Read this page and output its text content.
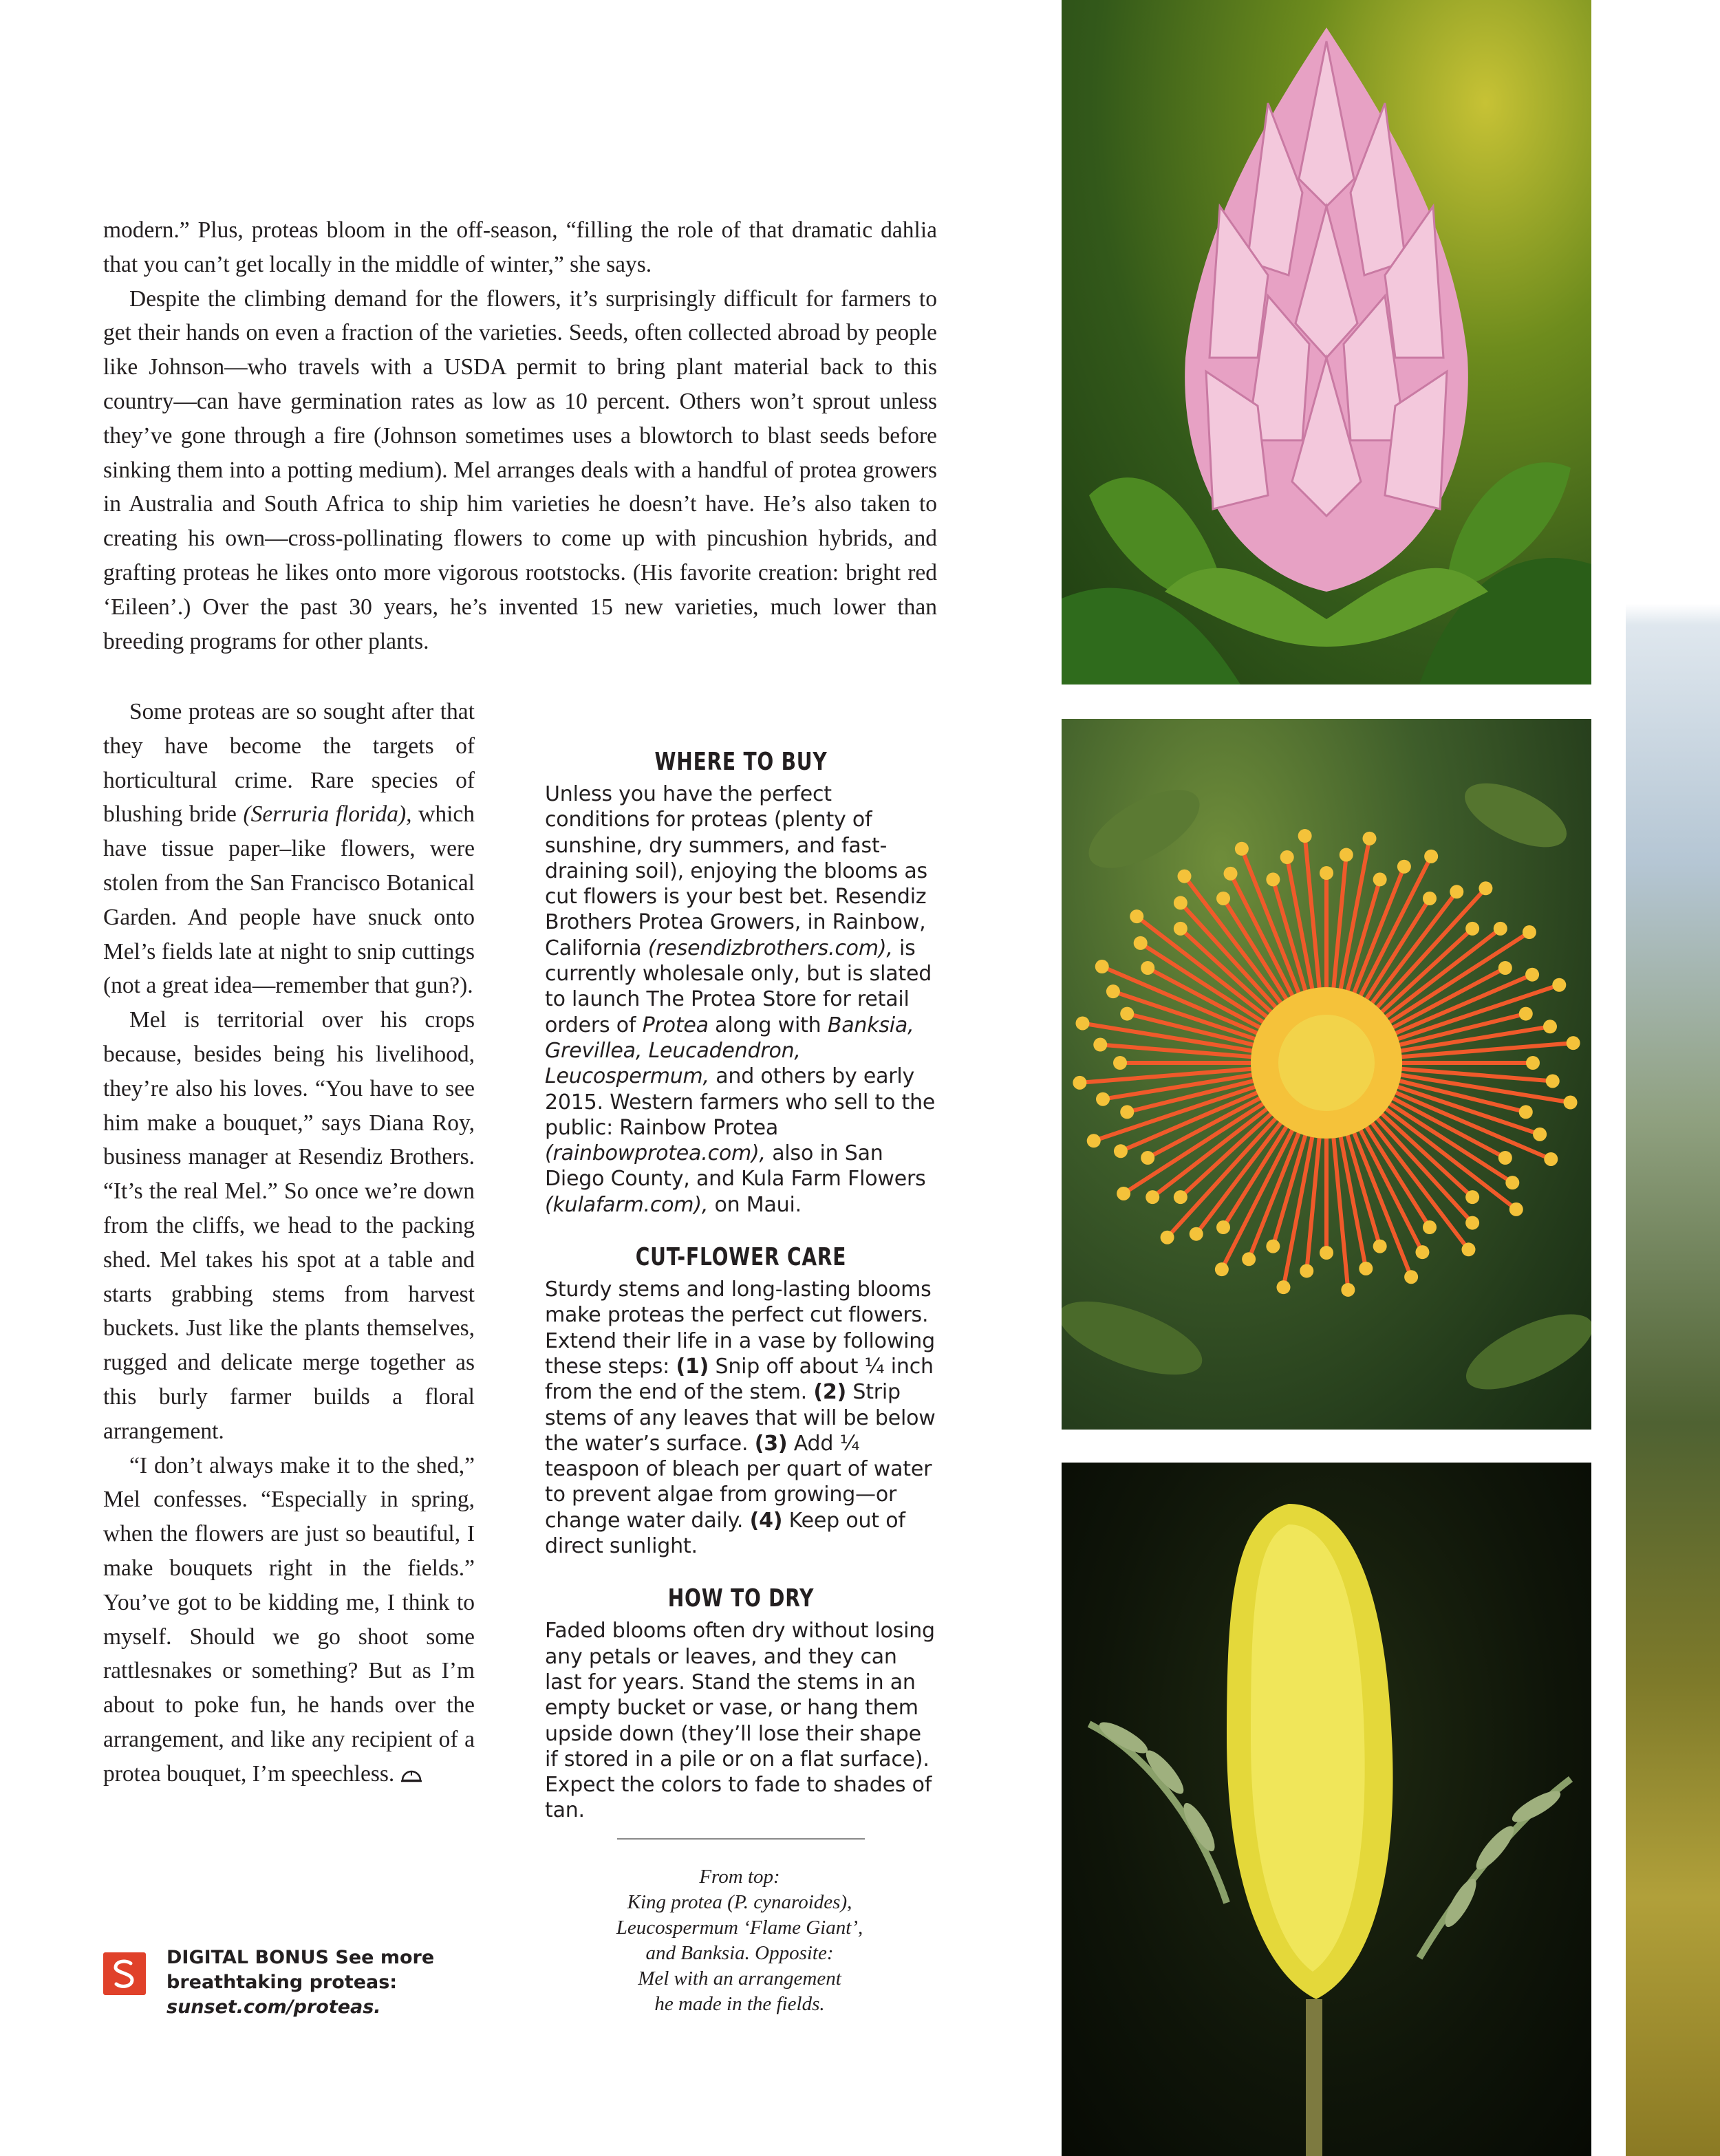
modern.” Plus, proteas bloom in the off-season, “filling the role of that dramatic dahlia that you can’t get locally in the middle of winter,” she says.

Despite the climbing demand for the flowers, it’s surprisingly difficult for farmers to get their hands on even a fraction of the varieties. Seeds, often collected abroad by people like Johnson—who travels with a USDA permit to bring plant material back to this country—can have germination rates as low as 10 percent. Others won’t sprout unless they’ve gone through a fire (Johnson sometimes uses a blowtorch to blast seeds before sinking them into a potting medium). Mel arranges deals with a handful of protea growers in Australia and South Africa to ship him varieties he doesn’t have. He’s also taken to creating his own—cross-pollinating flowers to come up with pincushion hybrids, and grafting proteas he likes onto more vigorous rootstocks. (His favorite creation: bright red ‘Eileen’.) Over the past 30 years, he’s invented 15 new varieties, much lower than breeding programs for other plants.

Some proteas are so sought after that they have become the targets of horticultural crime. Rare species of blushing bride (Serruria florida), which have tissue paper–like flowers, were stolen from the San Francisco Botanical Garden. And people have snuck onto Mel’s fields late at night to snip cuttings (not a great idea—remember that gun?).

Mel is territorial over his crops because, besides being his livelihood, they’re also his loves. “You have to see him make a bouquet,” says Diana Roy, business manager at Resendiz Brothers. “It’s the real Mel.” So once we’re down from the cliffs, we head to the packing shed. Mel takes his spot at a table and starts grabbing stems from harvest buckets. Just like the plants themselves, rugged and delicate merge together as this burly farmer builds a floral arrangement.

“I don’t always make it to the shed,” Mel confesses. “Especially in spring, when the flowers are just so beautiful, I make bouquets right in the fields.” You’ve got to be kidding me, I think to myself. Should we go shoot some rattlesnakes or something? But as I’m about to poke fun, he hands over the arrangement, and like any recipient of a protea bouquet, I’m speechless.

WHERE TO BUY

Unless you have the perfect conditions for proteas (plenty of sunshine, dry summers, and fast-draining soil), enjoying the blooms as cut flowers is your best bet. Resendiz Brothers Protea Growers, in Rainbow, California (resendizbrothers.com), is currently wholesale only, but is slated to launch The Protea Store for retail orders of Protea along with Banksia, Grevillea, Leucadendron, Leucospermum, and others by early 2015. Western farmers who sell to the public: Rainbow Protea (rainbowprotea.com), also in San Diego County, and Kula Farm Flowers (kulafarm.com), on Maui.

CUT-FLOWER CARE

Sturdy stems and long-lasting blooms make proteas the perfect cut flowers. Extend their life in a vase by following these steps: (1) Snip off about ¼ inch from the end of the stem. (2) Strip stems of any leaves that will be below the water’s surface. (3) Add ¼ teaspoon of bleach per quart of water to prevent algae from growing—or change water daily. (4) Keep out of direct sunlight.

HOW TO DRY

Faded blooms often dry without losing any petals or leaves, and they can last for years. Stand the stems in an empty bucket or vase, or hang them upside down (they’ll lose their shape if stored in a pile or on a flat surface). Expect the colors to fade to shades of tan.

From top:
King protea (P. cynaroides),
Leucospermum ‘Flame Giant’,
and Banksia. Opposite:
Mel with an arrangement
he made in the fields.
DIGITAL BONUS See more breathtaking proteas: sunset.com/proteas.
